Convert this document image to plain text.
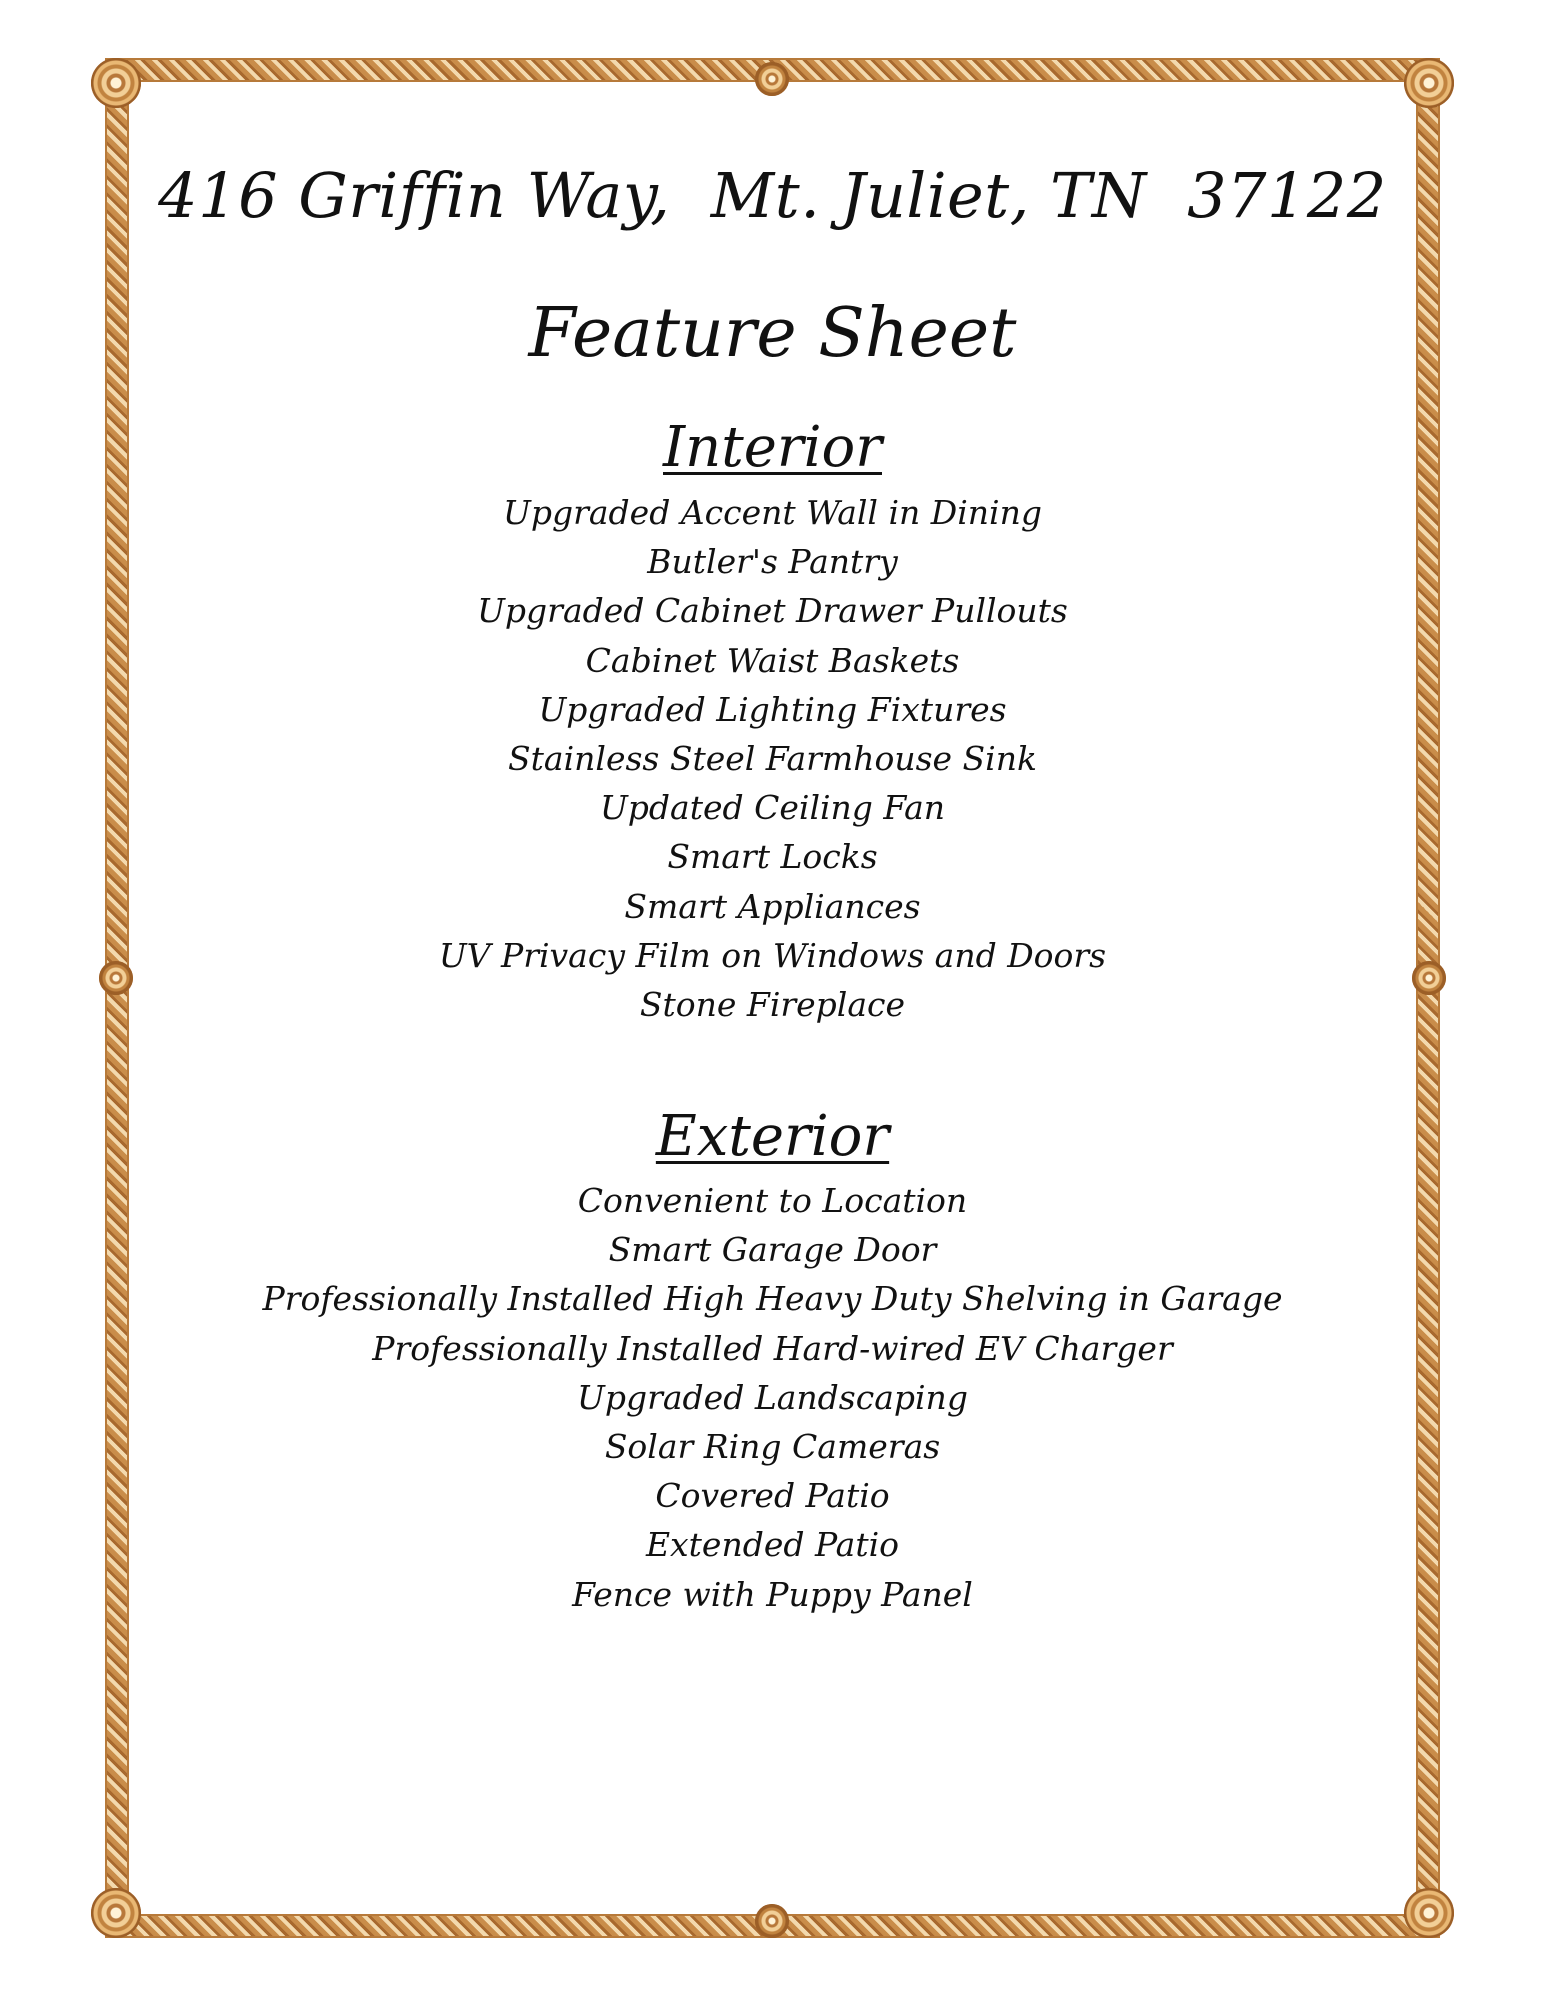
416 Griffin Way,  Mt. Juliet, TN  37122
Feature Sheet
Interior
Upgraded Accent Wall in Dining
Butler's Pantry
Upgraded Cabinet Drawer Pullouts
Cabinet Waist Baskets
Upgraded Lighting Fixtures
Stainless Steel Farmhouse Sink
Updated Ceiling Fan
Smart Locks
Smart Appliances
UV Privacy Film on Windows and Doors
Stone Fireplace
Exterior
Convenient to Location
Smart Garage Door
Professionally Installed High Heavy Duty Shelving in Garage
Professionally Installed Hard-wired EV Charger
Upgraded Landscaping
Solar Ring Cameras
Covered Patio
Extended Patio
Fence with Puppy Panel
